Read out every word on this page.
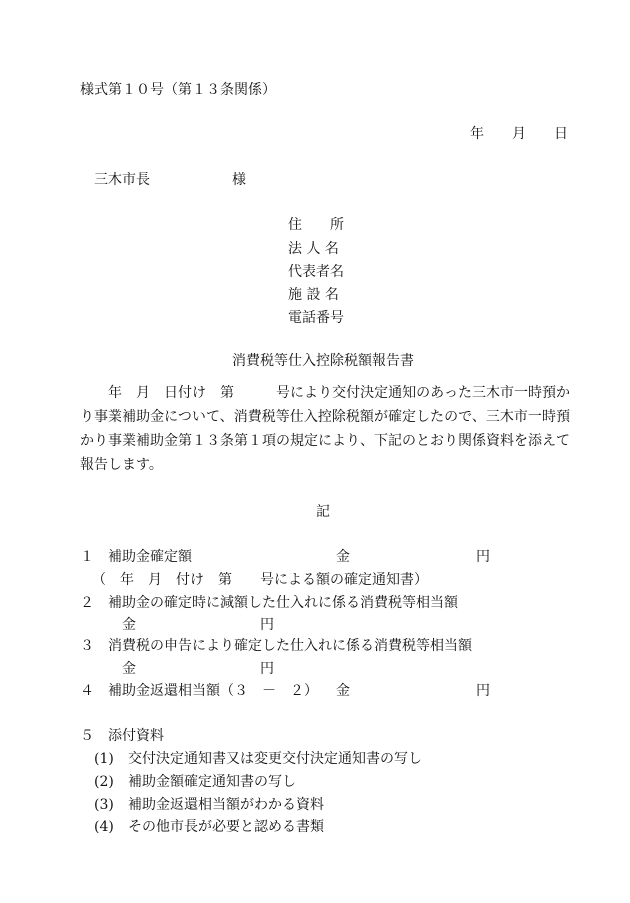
様式第１０号（第１３条関係）
年 月 日
三木市長	様
住　　所
法 人 名
代表者名
施 設 名
電話番号
消費税等仕入控除税額報告書
年　月　日付け　第	号により交付決定通知のあった三木市一時預かり事業補助金について、消費税等仕入控除税額が確定したので、三木市一時預かり事業補助金第１３条第１項の規定により、下記のとおり関係資料を添えて報告します。
記
１ 補助金確定額	金	円
（　年　月　付け　第　　号による額の確定通知書）
２ 補助金の確定時に減額した仕入れに係る消費税等相当額
金	円
３ 消費税の申告により確定した仕入れに係る消費税等相当額
金	円
４ 補助金返還相当額（３　－　２） 金	円
５ 添付資料
(1) 交付決定通知書又は変更交付決定通知書の写し
(2) 補助金額確定通知書の写し
(3) 補助金返還相当額がわかる資料
(4) その他市長が必要と認める書類
